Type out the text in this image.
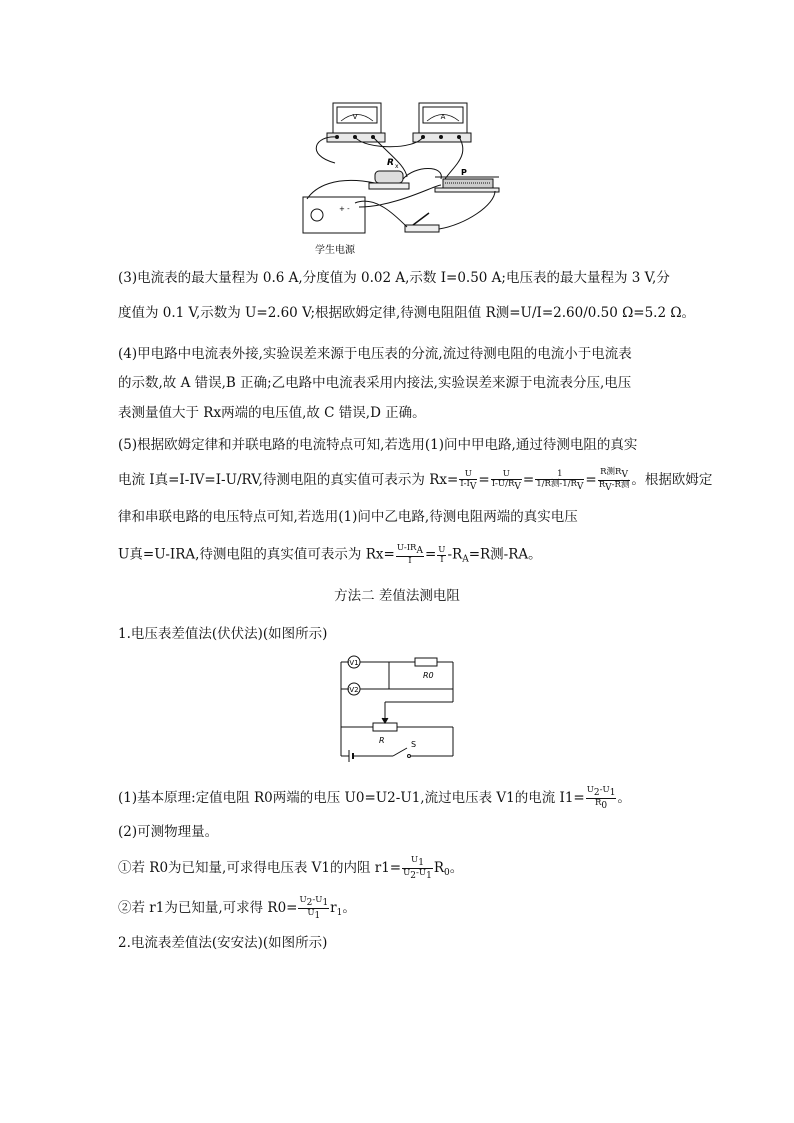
V	A
R x
P
+ -
学生电源
(3)电流表的最大量程为 0.6 A,分度值为 0.02 A,示数 I=0.50 A;电压表的最大量程为 3 V,分
度值为 0.1 V,示数为 U=2.60 V;根据欧姆定律,待测电阻阻值 R测=U/I=2.60/0.50 Ω=5.2 Ω。
(4)甲电路中电流表外接,实验误差来源于电压表的分流,流过待测电阻的电流小于电流表
的示数,故 A 错误,B 正确;乙电路中电流表采用内接法,实验误差来源于电流表分压,电压
表测量值大于 Rx两端的电压值,故 C 错误,D 正确。
(5)根据欧姆定律和并联电路的电流特点可知,若选用(1)问中甲电路,通过待测电阻的真实
电流 I真=I-IV=I-U/RV,待测电阻的真实值可表示为 $Rx= \frac{U}{I-I_V} = \frac{U}{I-U/R_V} = \frac{1}{1/R测-1/R_V} = \frac{R测R_V}{R_V-R测}$ 。根据欧姆定
律和串联电路的电压特点可知,若选用(1)问中乙电路,待测电阻两端的真实电压
U真=U-IRA,待测电阻的真实值可表示为 $Rx= \frac{U-IR_A}{I} = \frac{U}{I} -R_A=R$测-RA。
方法二 差值法测电阻
1.电压表差值法(伏伏法)(如图所示)
V1
V2
R0
R	S
(1)基本原理:定值电阻 R0两端的电压 U0=U2-U1,流过电压表 V1的电流 $I1= \frac{U_2-U_1}{R_0}$ 。
(2)可测物理量。
①若 R0为已知量,可求得电压表 V1的内阻 $r1= \frac{U_1}{U_2-U_1} R_0$。
②若 r1为已知量,可求得 $R0= \frac{U_2-U_1}{U_1} r_1$。
2.电流表差值法(安安法)(如图所示)
